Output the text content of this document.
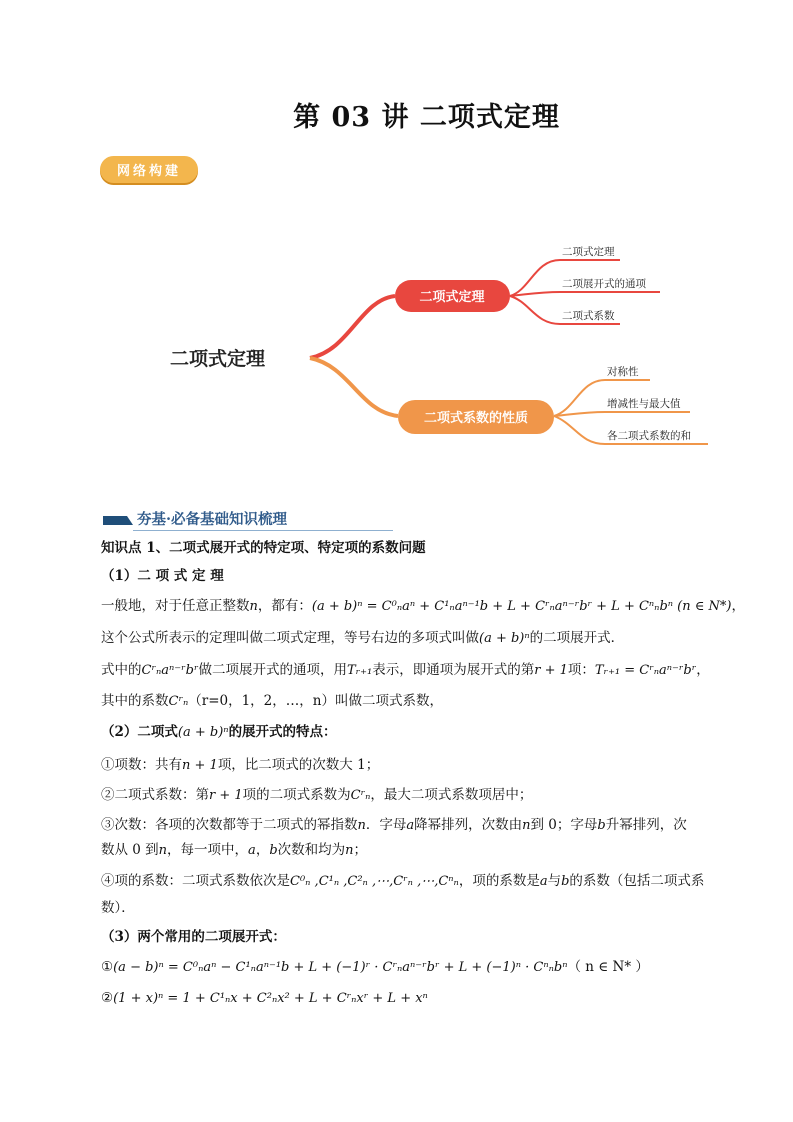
第 03 讲 二项式定理
网络构建
二项式定理
二项式定理
二项式定理
二项展开式的通项
二项式系数
二项式系数的性质
对称性
增减性与最大值
各二项式系数的和
夯基·必备基础知识梳理
知识点 1、二项式展开式的特定项、特定项的系数问题
（1）二 项 式 定 理
一般地，对于任意正整数n，都有：(a + b)ⁿ = C⁰ₙaⁿ + C¹ₙaⁿ⁻¹b + L + Cʳₙaⁿ⁻ʳbʳ + L + Cⁿₙbⁿ (n ∈ N*)，
这个公式所表示的定理叫做二项式定理，等号右边的多项式叫做(a + b)ⁿ的二项展开式．
式中的Cʳₙaⁿ⁻ʳbʳ做二项展开式的通项，用Tᵣ₊₁表示，即通项为展开式的第r + 1项：Tᵣ₊₁ = Cʳₙaⁿ⁻ʳbʳ，
其中的系数Cʳₙ（r=0，1，2，…，n）叫做二项式系数，
（2）二项式(a + b)ⁿ的展开式的特点：
①项数：共有n + 1项，比二项式的次数大 1；
②二项式系数：第r + 1项的二项式系数为Cʳₙ，最大二项式系数项居中；
③次数：各项的次数都等于二项式的幂指数n．字母a降幂排列，次数由n到 0；字母b升幂排列，次
数从 0 到n，每一项中，a，b次数和均为n；
④项的系数：二项式系数依次是C⁰ₙ ,C¹ₙ ,C²ₙ ,⋯,Cʳₙ ,⋯,Cⁿₙ，项的系数是a与b的系数（包括二项式系
数）．
（3）两个常用的二项展开式：
①(a − b)ⁿ = C⁰ₙaⁿ − C¹ₙaⁿ⁻¹b + L + (−1)ʳ · Cʳₙaⁿ⁻ʳbʳ + L + (−1)ⁿ · Cⁿₙbⁿ（ n ∈ N* ）
②(1 + x)ⁿ = 1 + C¹ₙx + C²ₙx² + L + Cʳₙxʳ + L + xⁿ
